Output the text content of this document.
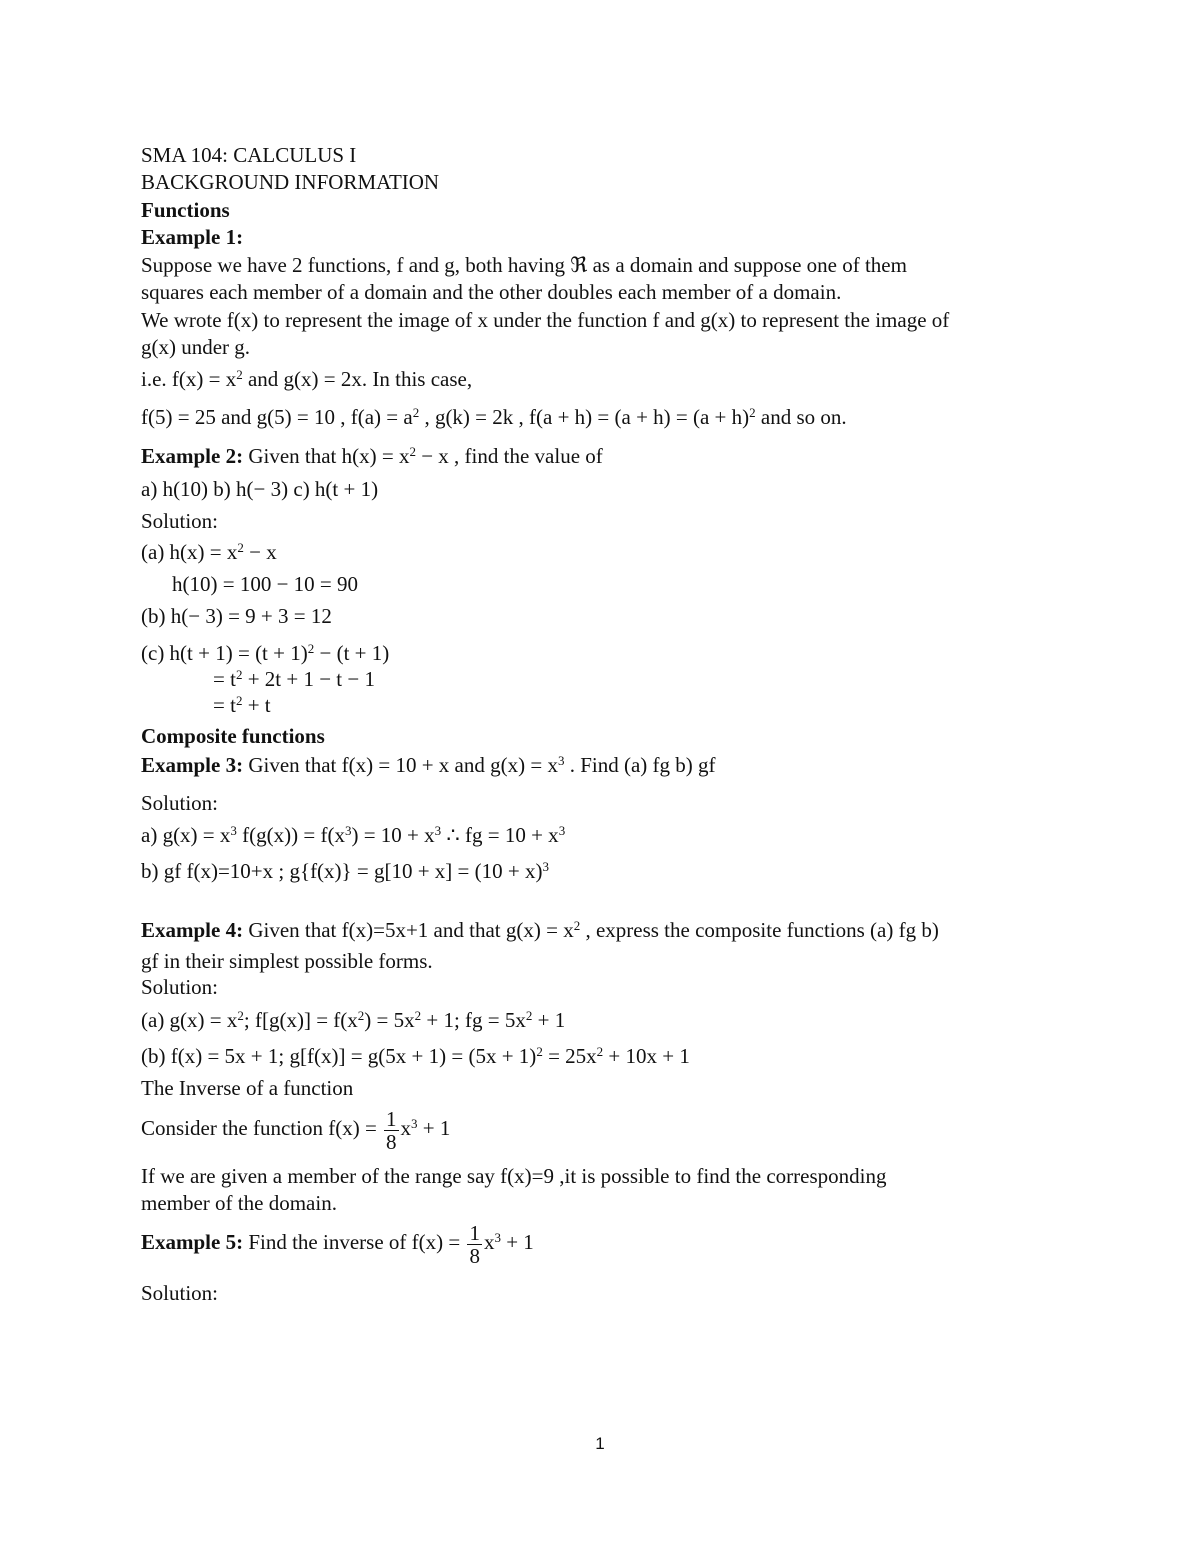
SMA 104: CALCULUS I

BACKGROUND INFORMATION

Functions

Example 1:

Suppose we have 2 functions, f and g, both having ℜ as a domain and suppose one of them

squares each member of a domain and the other doubles each member of a domain.

We wrote f(x) to represent the image of x under the function f and g(x) to represent the image of

g(x) under g.

i.e. $f(x) = x^2$ and g(x) = 2x. In this case,

f(5) = 25 and g(5) = 10 , $f(a) = a^2$ , g(k) = 2k , $f(a + h) = (a + h) = (a + h)^2$ and so on.

Example 2: Given that $h(x) = x^2 - x$ , find the value of

a) h(10) b) h(− 3) c) h(t + 1)

Solution:

(a) $h(x) = x^2 - x$

h(10) = 100 − 10 = 90

(b) h(− 3) = 9 + 3 = 12

(c) $h(t + 1) = (t + 1)^2 - (t + 1)$

= $t^2 + 2t + 1 - t - 1$

= $t^2 + t$

Composite functions

Example 3: Given that f(x) = 10 + x and $g(x) = x^3$ . Find (a) fg b) gf

Solution:

a) $g(x) = x^3$ $f(g(x)) = f(x^3) = 10 + x^3$ ∴ fg = $10 + x^3$

b) gf f(x)=10+x ; $g\{f(x)\} = g[10 + x] = (10 + x)^3$

Example 4: Given that f(x)=5x+1 and that $g(x) = x^2$ , express the composite functions (a) fg b)

gf in their simplest possible forms.

Solution:

(a) $g(x) = x^2$; $f[g(x)] = f(x^2) = 5x^2 + 1$; fg = $5x^2 + 1$

(b) f(x) = 5x + 1; $g[f(x)] = g(5x + 1) = (5x + 1)^2 = 25x^2 + 10x + 1$

The Inverse of a function

Consider the function $f(x) = \frac{1}{8} x^3 + 1$

If we are given a member of the range say f(x)=9 ,it is possible to find the corresponding

member of the domain.

Example 5: Find the inverse of $f(x) = \frac{1}{8} x^3 + 1$

Solution:

1
